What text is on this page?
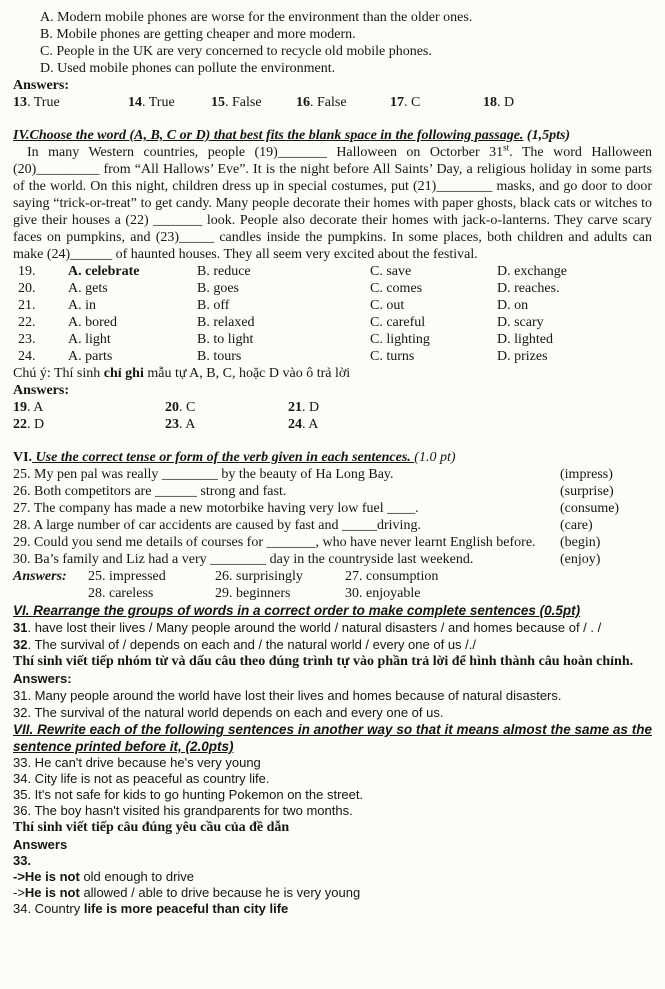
A. Modern mobile phones are worse for the environment than the older ones.
B. Mobile phones are getting cheaper and more modern.
C. People in the UK are very concerned to recycle old mobile phones.
D. Used mobile phones can pollute the environment.
Answers:
13. True	14. True	15. False	16. False	17. C	18. D
IV.Choose the word (A, B, C or D) that best fits the blank space in the following passage. (1,5pts)
In many Western countries, people (19)_______ Halloween on Octorber 31st. The word Halloween (20)_________ from “All Hallows’ Eve”. It is the night before All Saints’ Day, a religious holiday in some parts of the world. On this night, children dress up in special costumes, put (21)________ masks, and go door to door saying “trick-or-treat” to get candy. Many people decorate their homes with paper ghosts, black cats or witches to give their houses a (22) _______ look. People also decorate their homes with jack-o-lanterns. They carve scary faces on pumpkins, and (23)_____ candles inside the pumpkins. In some places, both children and adults can make (24)______ of haunted houses. They all seem very excited about the festival.
19.	A. celebrate	B. reduce	C. save	D. exchange
20.	A. gets	B. goes	C. comes	D. reaches.
21.	A. in	B. off	C. out	D. on
22.	A. bored	B. relaxed	C. careful	D. scary
23.	A. light	B. to light	C. lighting	D. lighted
24.	A. parts	B. tours	C. turns	D. prizes
Chú ý: Thí sinh chỉ ghi mẫu tự A, B, C, hoặc D vào ô trả lời
Answers:
19. A	20. C	21. D
22. D	23. A	24. A
VI. Use the correct tense or form of the verb given in each sentences. (1.0 pt)
25. My pen pal was really ________ by the beauty of Ha Long Bay.	(impress)
26. Both competitors are ______ strong and fast.	(surprise)
27. The company has made a new motorbike having very low fuel ____.	(consume)
28. A large number of car accidents are caused by fast and _____driving.	(care)
29. Could you send me details of courses for _______, who have never learnt English before.	(begin)
30. Ba’s family and Liz had a very ________ day in the countryside last weekend.	(enjoy)
Answers:	25. impressed	26. surprisingly	27. consumption
28. careless	29. beginners	30. enjoyable
VI. Rearrange the groups of words in a correct order to make complete sentences (0.5pt)
31. have lost their lives / Many people around the world / natural disasters / and homes because of / . /
32. The survival of / depends on each and / the natural world / every one of us /./
Thí sinh viết tiếp nhóm từ và dấu câu theo đúng trình tự vào phần trả lời để hình thành câu hoàn chỉnh.
Answers:
31. Many people around the world have lost their lives and homes because of natural disasters.
32. The survival of the natural world depends on each and every one of us.
VII. Rewrite each of the following sentences in another way so that it means almost the same as the sentence printed before it, (2.0pts)
33. He can't drive because he's very young
34. City life is not as peaceful as country life.
35. It's not safe for kids to go hunting Pokemon on the street.
36. The boy hasn't visited his grandparents for two months.
Thí sinh viết tiếp câu đúng yêu cầu của đề dẫn
Answers
33.
->He is not old enough to drive
->He is not allowed / able to drive because he is very young
34. Country life is more peaceful than city life
